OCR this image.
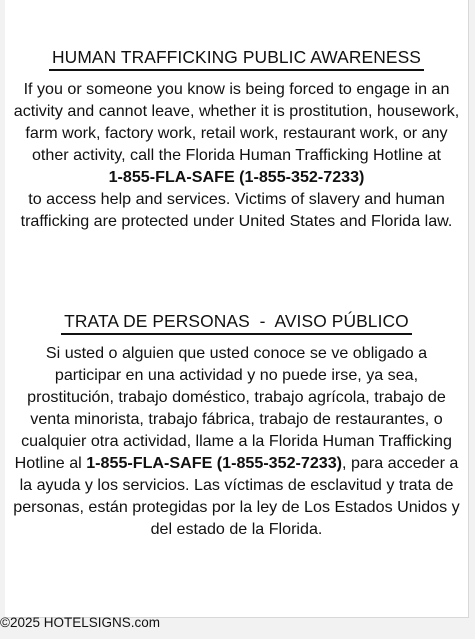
HUMAN TRAFFICKING PUBLIC AWARENESS
If you or someone you know is being forced to engage in an activity and cannot leave, whether it is prostitution, housework, farm work, factory work, retail work, restaurant work, or any other activity, call the Florida Human Trafficking Hotline at
1-855-FLA-SAFE (1-855-352-7233)
to access help and services. Victims of slavery and human trafficking are protected under United States and Florida law.
TRATA DE PERSONAS  -  AVISO PÚBLICO
Si usted o alguien que usted conoce se ve obligado a participar en una actividad y no puede irse, ya sea, prostitución, trabajo doméstico, trabajo agrícola, trabajo de venta minorista, trabajo fábrica, trabajo de restaurantes, o cualquier otra actividad, llame a la Florida Human Trafficking Hotline al 1-855-FLA-SAFE (1-855-352-7233), para acceder a la ayuda y los servicios. Las víctimas de esclavitud y trata de personas, están protegidas por la ley de Los Estados Unidos y del estado de la Florida.
©2025 HOTELSIGNS.com
